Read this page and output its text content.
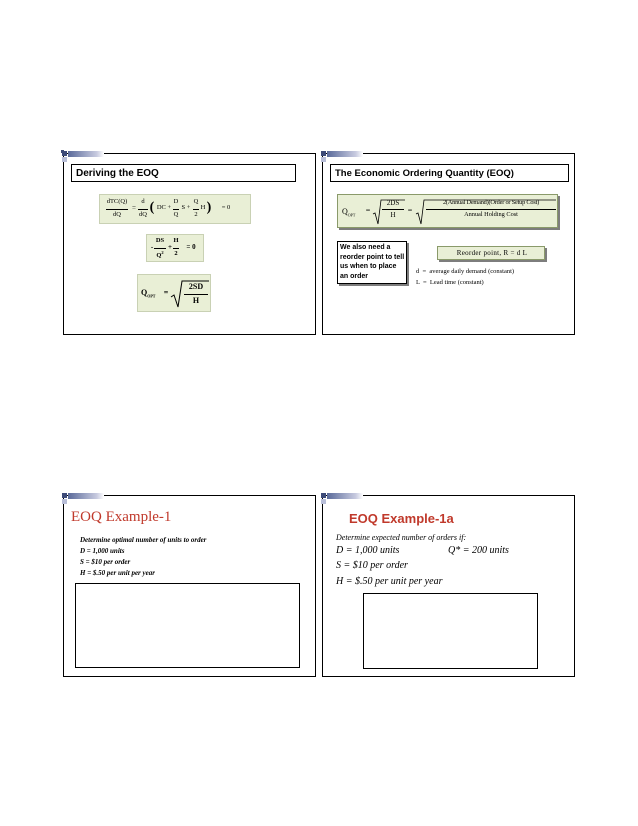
Deriving the EOQ
dTC(Q)
dQ
=
d
dQ ( DC +
D
Q
S +
Q
2
H )	= 0
-
DS
$Q^2$
+
H
2
= 0
$Q_{OPT}$	=
2SD
H
The Economic Ordering Quantity (EOQ)
$Q_{OPT}$
=
2DS
H	=
2(Annual Demand)(Order or Setup Cost)
Annual Holding Cost
We also need a reorder point to tell us when to place an order
Reorder point, R = d L
d  =  average daily demand (constant)
L  =  Lead time (constant)
EOQ Example-1
Determine optimal number of units to order
D = 1,000 units
S = $10 per order
H = $.50 per unit per year
EOQ Example-1a
Determine expected number of orders if:
D = 1,000 units	Q* = 200 units
S = $10 per order
H = $.50 per unit per year
